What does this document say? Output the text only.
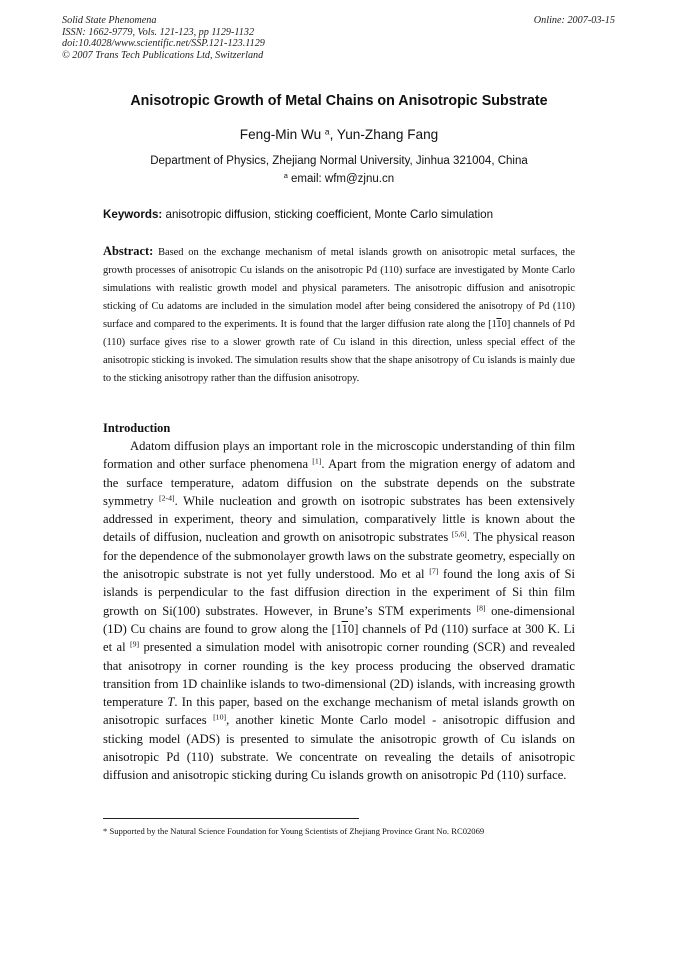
Solid State Phenomena
ISSN: 1662-9779, Vols. 121-123, pp 1129-1132
doi:10.4028/www.scientific.net/SSP.121-123.1129
© 2007 Trans Tech Publications Ltd, Switzerland
Online: 2007-03-15
Anisotropic Growth of Metal Chains on Anisotropic Substrate
Feng-Min Wu $^a$, Yun-Zhang Fang
Department of Physics, Zhejiang Normal University, Jinhua 321004, China
$^a$ email: wfm@zjnu.cn
Keywords: anisotropic diffusion, sticking coefficient, Monte Carlo simulation
Abstract: Based on the exchange mechanism of metal islands growth on anisotropic metal surfaces, the growth processes of anisotropic Cu islands on the anisotropic Pd (110) surface are investigated by Monte Carlo simulations with realistic growth model and physical parameters. The anisotropic diffusion and anisotropic sticking of Cu adatoms are included in the simulation model after being considered the anisotropy of Pd (110) surface and compared to the experiments. It is found that the larger diffusion rate along the [110] channels of Pd (110) surface gives rise to a slower growth rate of Cu island in this direction, unless special effect of the anisotropic sticking is invoked. The simulation results show that the shape anisotropy of Cu islands is mainly due to the sticking anisotropy rather than the diffusion anisotropy.
Introduction
Adatom diffusion plays an important role in the microscopic understanding of thin film formation and other surface phenomena [1]. Apart from the migration energy of adatom and the surface temperature, adatom diffusion on the substrate depends on the substrate symmetry [2-4]. While nucleation and growth on isotropic substrates has been extensively addressed in experiment, theory and simulation, comparatively little is known about the details of diffusion, nucleation and growth on anisotropic substrates [5,6]. The physical reason for the dependence of the submonolayer growth laws on the substrate geometry, especially on the anisotropic substrate is not yet fully understood. Mo et al [7] found the long axis of Si islands is perpendicular to the fast diffusion direction in the experiment of Si thin film growth on Si(100) substrates. However, in Brune’s STM experiments [8] one-dimensional (1D) Cu chains are found to grow along the [110] channels of Pd (110) surface at 300 K. Li et al [9] presented a simulation model with anisotropic corner rounding (SCR) and revealed that anisotropy in corner rounding is the key process producing the observed dramatic transition from 1D chainlike islands to two-dimensional (2D) islands, with increasing growth temperature T. In this paper, based on the exchange mechanism of metal islands growth on anisotropic surfaces [10], another kinetic Monte Carlo model - anisotropic diffusion and sticking model (ADS) is presented to simulate the anisotropic growth of Cu islands on anisotropic Pd (110) substrate. We concentrate on revealing the details of anisotropic diffusion and anisotropic sticking during Cu islands growth on anisotropic Pd (110) surface.
* Supported by the Natural Science Foundation for Young Scientists of Zhejiang Province Grant No. RC02069
